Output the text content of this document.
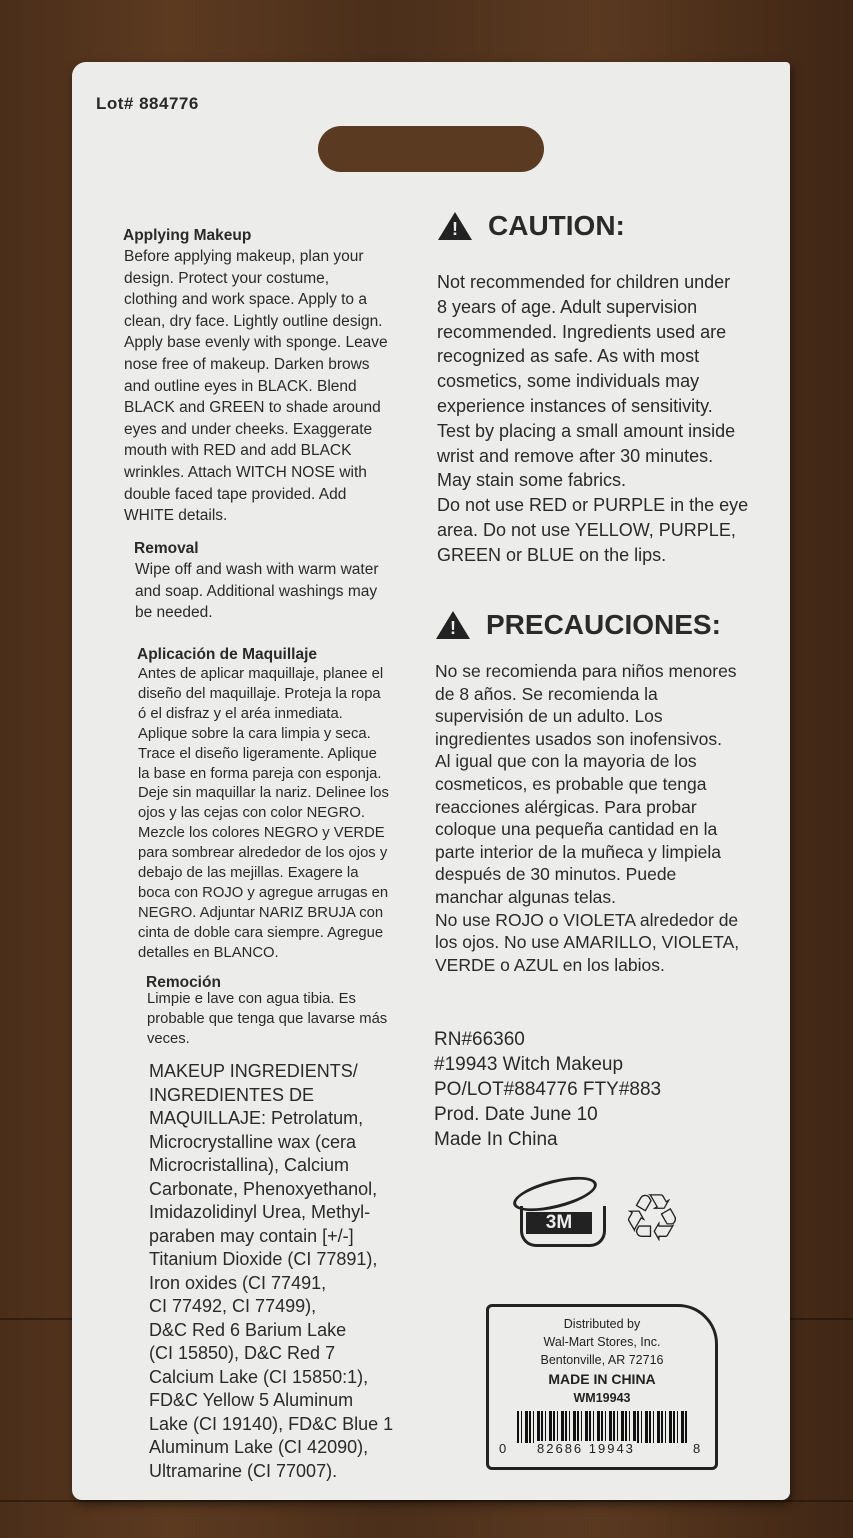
Lot# 884776
Applying Makeup
Before applying makeup, plan your
design. Protect your costume,
clothing and work space. Apply to a
clean, dry face. Lightly outline design.
Apply base evenly with sponge. Leave
nose free of makeup. Darken brows
and outline eyes in BLACK. Blend
BLACK and GREEN to shade around
eyes and under cheeks. Exaggerate
mouth with RED and add BLACK
wrinkles. Attach WITCH NOSE with
double faced tape provided. Add
WHITE details.
Removal
Wipe off and wash with warm water
and soap. Additional washings may
be needed.
Aplicación de Maquillaje
Antes de aplicar maquillaje, planee el
diseño del maquillaje. Proteja la ropa
ó el disfraz y el aréa inmediata.
Aplique sobre la cara limpia y seca.
Trace el diseño ligeramente. Aplique
la base en forma pareja con esponja.
Deje sin maquillar la nariz. Delinee los
ojos y las cejas con color NEGRO.
Mezcle los colores NEGRO y VERDE
para sombrear alrededor de los ojos y
debajo de las mejillas. Exagere la
boca con ROJO y agregue arrugas en
NEGRO. Adjuntar NARIZ BRUJA con
cinta de doble cara siempre. Agregue
detalles en BLANCO.
Remoción
Limpie e lave con agua tibia. Es
probable que tenga que lavarse más
veces.
MAKEUP INGREDIENTS/
INGREDIENTES DE
MAQUILLAJE: Petrolatum,
Microcrystalline wax (cera
Microcristallina), Calcium
Carbonate, Phenoxyethanol,
Imidazolidinyl Urea, Methyl-
paraben may contain [+/-]
Titanium Dioxide (CI 77891),
Iron oxides (CI 77491,
CI 77492, CI 77499),
D&C Red 6 Barium Lake
(CI 15850), D&C Red 7
Calcium Lake (CI 15850:1),
FD&C Yellow 5 Aluminum
Lake (CI 19140), FD&C Blue 1
Aluminum Lake (CI 42090),
Ultramarine (CI 77007).
! CAUTION:
Not recommended for children under
8 years of age. Adult supervision
recommended. Ingredients used are
recognized as safe. As with most
cosmetics, some individuals may
experience instances of sensitivity.
Test by placing a small amount inside
wrist and remove after 30 minutes.
May stain some fabrics.
Do not use RED or PURPLE in the eye
area. Do not use YELLOW, PURPLE,
GREEN or BLUE on the lips.
! PRECAUCIONES:
No se recomienda para niños menores
de 8 años. Se recomienda la
supervisión de un adulto. Los
ingredientes usados son inofensivos.
Al igual que con la mayoria de los
cosmeticos, es probable que tenga
reacciones alérgicas. Para probar
coloque una pequeña cantidad en la
parte interior de la muñeca y limpiela
después de 30 minutos. Puede
manchar algunas telas.
No use ROJO o VIOLETA alrededor de
los ojos. No use AMARILLO, VIOLETA,
VERDE o AZUL en los labios.
RN#66360
#19943 Witch Makeup
PO/LOT#884776 FTY#883
Prod. Date June 10
Made In China
3M ♲
Distributed by
Wal-Mart Stores, Inc.
Bentonville, AR 72716
MADE IN CHINA
WM19943
0 82686 19943	8
